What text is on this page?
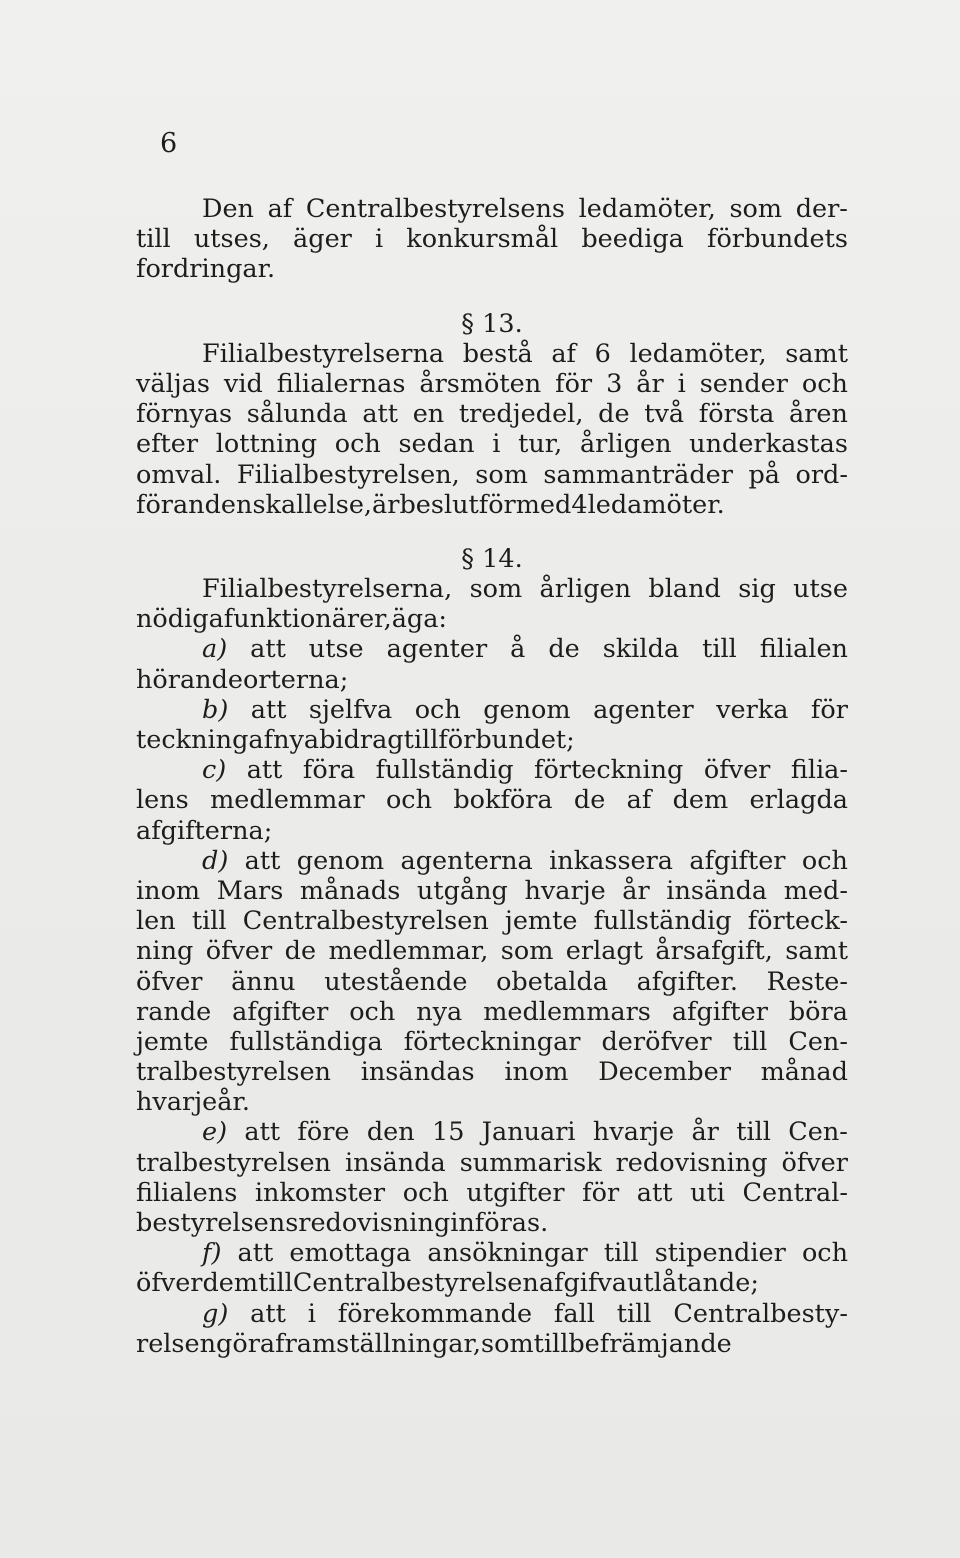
6
Den af Centralbestyrelsens ledamöter, som der-
till utses, äger i konkursmål beediga förbundets
fordringar.
§ 13.
Filialbestyrelserna bestå af 6 ledamöter, samt
väljas vid filialernas årsmöten för 3 år i sender och
förnyas sålunda att en tredjedel, de två första åren
efter lottning och sedan i tur, årligen underkastas
omval. Filialbestyrelsen, som sammanträder på ord-
förandens kallelse, är beslutför med 4 ledamöter.
§ 14.
Filialbestyrelserna, som årligen bland sig utse
nödiga funktionärer, äga:
a) att utse agenter å de skilda till filialen
hörande orterna;
b) att sjelfva och genom agenter verka för
teckning af nya bidrag till förbundet;
c) att föra fullständig förteckning öfver filia-
lens medlemmar och bokföra de af dem erlagda
afgifterna;
d) att genom agenterna inkassera afgifter och
inom Mars månads utgång hvarje år insända med-
len till Centralbestyrelsen jemte fullständig förteck-
ning öfver de medlemmar, som erlagt årsafgift, samt
öfver ännu utestående obetalda afgifter. Reste-
rande afgifter och nya medlemmars afgifter böra
jemte fullständiga förteckningar deröfver till Cen-
tralbestyrelsen insändas inom December månad
hvarje år.
e) att före den 15 Januari hvarje år till Cen-
tralbestyrelsen insända summarisk redovisning öfver
filialens inkomster och utgifter för att uti Central-
bestyrelsens redovisning införas.
f) att emottaga ansökningar till stipendier och
öfver dem till Centralbestyrelsen afgifva utlåtande;
g) att i förekommande fall till Centralbesty-
relsen göra framställningar, som till befrämjande
